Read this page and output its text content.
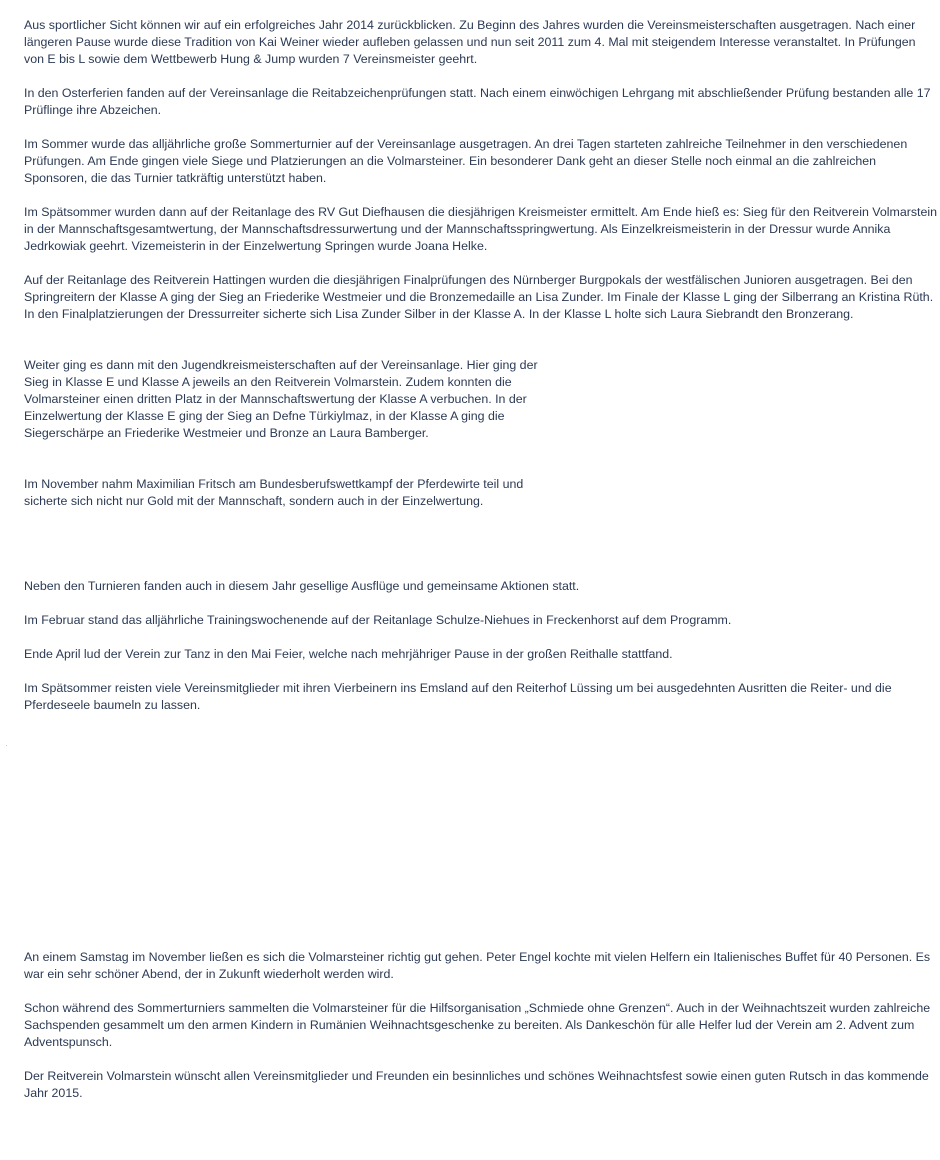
Aus sportlicher Sicht können wir auf ein erfolgreiches Jahr 2014 zurückblicken. Zu Beginn des Jahres wurden die Vereinsmeisterschaften ausgetragen. Nach einer längeren Pause wurde diese Tradition von Kai Weiner wieder aufleben gelassen und nun seit 2011 zum 4. Mal mit steigendem Interesse veranstaltet. In Prüfungen von E bis L sowie dem Wettbewerb Hung & Jump wurden 7 Vereinsmeister geehrt.

In den Osterferien fanden auf der Vereinsanlage die Reitabzeichenprüfungen statt. Nach einem einwöchigen Lehrgang mit abschließender Prüfung bestanden alle 17 Prüflinge ihre Abzeichen.

Im Sommer wurde das alljährliche große Sommerturnier auf der Vereinsanlage ausgetragen. An drei Tagen starteten zahlreiche Teilnehmer in den verschiedenen Prüfungen. Am Ende gingen viele Siege und Platzierungen an die Volmarsteiner. Ein besonderer Dank geht an dieser Stelle noch einmal an die zahlreichen Sponsoren, die das Turnier tatkräftig unterstützt haben.

Im Spätsommer wurden dann auf der Reitanlage des RV Gut Diefhausen die diesjährigen Kreismeister ermittelt. Am Ende hieß es: Sieg für den Reitverein Volmarstein in der Mannschaftsgesamtwertung, der Mannschaftsdressurwertung und der Mannschaftsspringwertung. Als Einzelkreismeisterin in der Dressur wurde Annika Jedrkowiak geehrt. Vizemeisterin in der Einzelwertung Springen wurde Joana Helke.

Auf der Reitanlage des Reitverein Hattingen wurden die diesjährigen Finalprüfungen des Nürnberger Burgpokals der westfälischen Junioren ausgetragen. Bei den Springreitern der Klasse A ging der Sieg an Friederike Westmeier und die Bronzemedaille an Lisa Zunder. Im Finale der Klasse L ging der Silberrang an Kristina Rüth. In den Finalplatzierungen der Dressurreiter sicherte sich Lisa Zunder Silber in der Klasse A. In der Klasse L holte sich Laura Siebrandt den Bronzerang.

Weiter ging es dann mit den Jugendkreismeisterschaften auf der Vereinsanlage. Hier ging der Sieg in Klasse E und Klasse A jeweils an den Reitverein Volmarstein. Zudem konnten die Volmarsteiner einen dritten Platz in der Mannschaftswertung der Klasse A verbuchen. In der Einzelwertung der Klasse E ging der Sieg an Defne Türkiylmaz, in der Klasse A ging die Siegerschärpe an Friederike Westmeier und Bronze an Laura Bamberger.

Im November nahm Maximilian Fritsch am Bundesberufswettkampf der Pferdewirte teil und sicherte sich nicht nur Gold mit der Mannschaft, sondern auch in der Einzelwertung.

Neben den Turnieren fanden auch in diesem Jahr gesellige Ausflüge und gemeinsame Aktionen statt.

Im Februar stand das alljährliche Trainingswochenende auf der Reitanlage Schulze-Niehues in Freckenhorst auf dem Programm.

Ende April lud der Verein zur Tanz in den Mai Feier, welche nach mehrjähriger Pause in der großen Reithalle stattfand.

Im Spätsommer reisten viele Vereinsmitglieder mit ihren Vierbeinern ins Emsland auf den Reiterhof Lüssing um bei ausgedehnten Ausritten die Reiter- und die Pferdeseele baumeln zu lassen.

An einem Samstag im November ließen es sich die Volmarsteiner richtig gut gehen. Peter Engel kochte mit vielen Helfern ein Italienisches Buffet für 40 Personen. Es war ein sehr schöner Abend, der in Zukunft wiederholt werden wird.

Schon während des Sommerturniers sammelten die Volmarsteiner für die Hilfsorganisation „Schmiede ohne Grenzen“. Auch in der Weihnachtszeit wurden zahlreiche Sachspenden gesammelt um den armen Kindern in Rumänien Weihnachtsgeschenke zu bereiten. Als Dankeschön für alle Helfer lud der Verein am 2. Advent zum Adventspunsch.

Der Reitverein Volmarstein wünscht allen Vereinsmitglieder und Freunden ein besinnliches und schönes Weihnachtsfest sowie einen guten Rutsch in das kommende Jahr 2015.
